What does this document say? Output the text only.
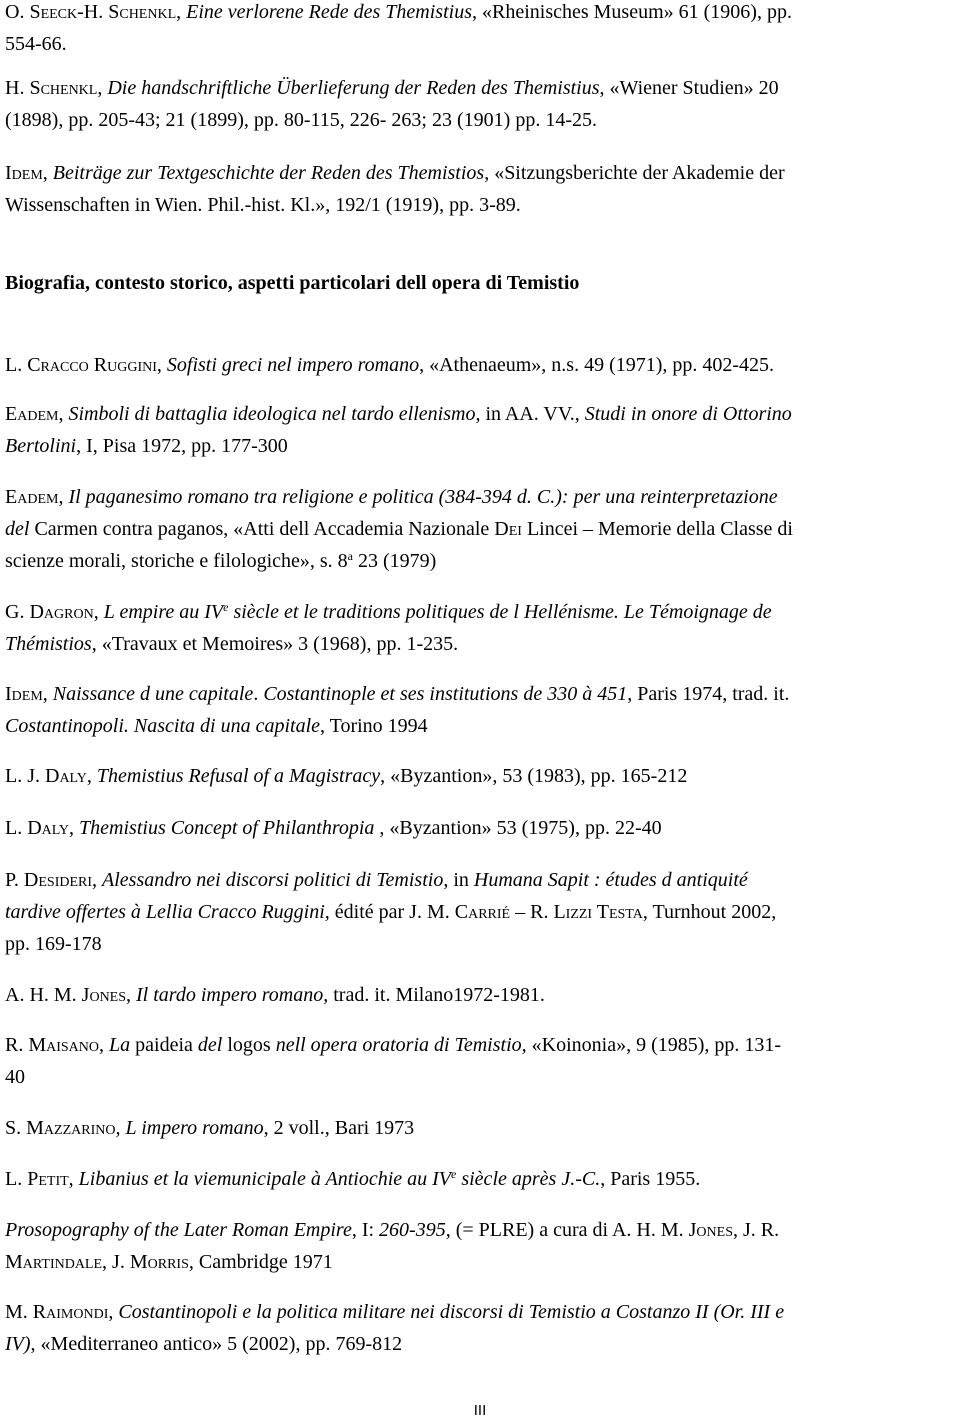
O. Seeck-H. Schenkl, Eine verlorene Rede des Themistius, «Rheinisches Museum» 61 (1906), pp.
554-66.
H. Schenkl, Die handschriftliche Überlieferung der Reden des Themistius, «Wiener Studien» 20
(1898), pp. 205-43; 21 (1899), pp. 80-115, 226- 263; 23 (1901) pp. 14-25.
Idem, Beiträge zur Textgeschichte der Reden des Themistios, «Sitzungsberichte der Akademie der
Wissenschaften in Wien. Phil.-hist. Kl.», 192/1 (1919), pp. 3-89.
Biografia, contesto storico, aspetti particolari dell opera di Temistio
L. Cracco Ruggini, Sofisti greci nel impero romano, «Athenaeum», n.s. 49 (1971), pp. 402-425.
Eadem, Simboli di battaglia ideologica nel tardo ellenismo, in AA. VV., Studi in onore di Ottorino
Bertolini, I, Pisa 1972, pp. 177-300
Eadem, Il paganesimo romano tra religione e politica (384-394 d. C.): per una reinterpretazione
del Carmen contra paganos, «Atti dell Accademia Nazionale Dei Lincei – Memorie della Classe di
scienze morali, storiche e filologiche», s. 8$^a$ 23 (1979)
G. Dagron, L empire au IVe siècle et le traditions politiques de l Hellénisme. Le Témoignage de
Thémistios, «Travaux et Memoires» 3 (1968), pp. 1-235.
Idem, Naissance d une capitale. Costantinople et ses institutions de 330 à 451, Paris 1974, trad. it.
Costantinopoli. Nascita di una capitale, Torino 1994
L. J. Daly, Themistius Refusal of a Magistracy, «Byzantion», 53 (1983), pp. 165-212
L. Daly, Themistius Concept of Philanthropia , «Byzantion» 53 (1975), pp. 22-40
P. Desideri, Alessandro nei discorsi politici di Temistio, in Humana Sapit : études d antiquité
tardive offertes à Lellia Cracco Ruggini, édité par J. M. Carrié – R. Lizzi Testa, Turnhout 2002,
pp. 169-178
A. H. M. Jones, Il tardo impero romano, trad. it. Milano1972-1981.
R. Maisano, La paideia del logos nell opera oratoria di Temistio, «Koinonia», 9 (1985), pp. 131-
40
S. Mazzarino, L impero romano, 2 voll., Bari 1973
L. Petit, Libanius et la viemunicipale à Antiochie au IVe siècle après J.-C., Paris 1955.
Prosopography of the Later Roman Empire, I: 260-395, (= PLRE) a cura di A. H. M. Jones, J. R.
Martindale, J. Morris, Cambridge 1971
M. Raimondi, Costantinopoli e la politica militare nei discorsi di Temistio a Costanzo II (Or. III e
IV), «Mediterraneo antico» 5 (2002), pp. 769-812
III
